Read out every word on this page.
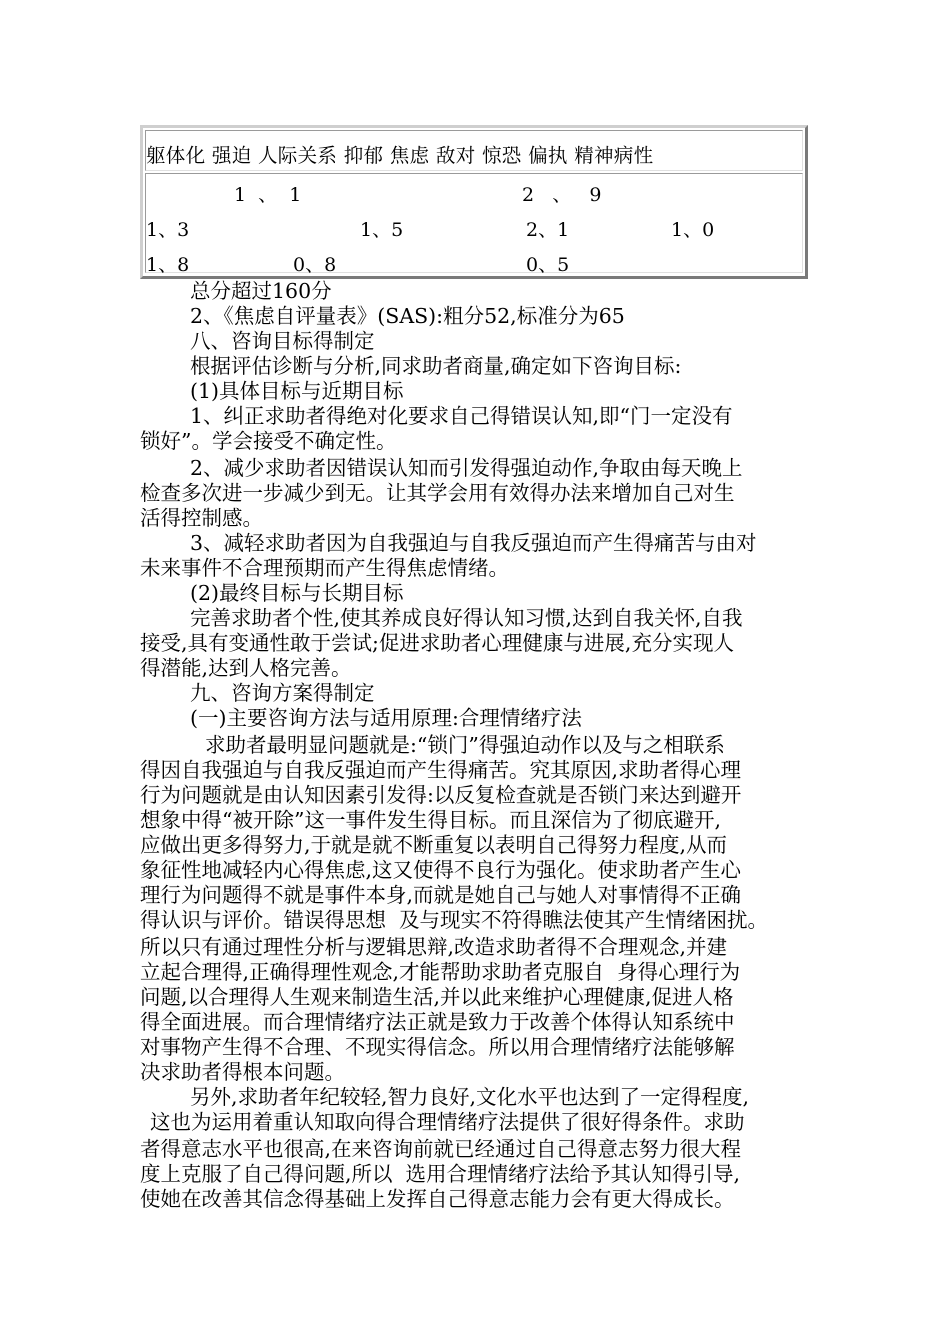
躯体化 强迫 人际关系 抑郁 焦虑 敌对 惊恐 偏执 精神病性
1  、  1	2   、   9
1、3	1、5	2、1	1、0
1、8	0、8	0、5
总分超过160分
2、《焦虑自评量表》(SAS):粗分52,标准分为65
八、咨询目标得制定
根据评估诊断与分析,同求助者商量,确定如下咨询目标:
(1)具体目标与近期目标
1、纠正求助者得绝对化要求自己得错误认知,即“门一定没有
锁好”。学会接受不确定性。
2、减少求助者因错误认知而引发得强迫动作,争取由每天晚上
检查多次进一步减少到无。让其学会用有效得办法来增加自己对生
活得控制感。
3、减轻求助者因为自我强迫与自我反强迫而产生得痛苦与由对
未来事件不合理预期而产生得焦虑情绪。
(2)最终目标与长期目标
完善求助者个性,使其养成良好得认知习惯,达到自我关怀,自我
接受,具有变通性敢于尝试;促进求助者心理健康与进展,充分实现人
得潜能,达到人格完善。
九、咨询方案得制定
(一)主要咨询方法与适用原理:合理情绪疗法
求助者最明显问题就是:“锁门”得强迫动作以及与之相联系
得因自我强迫与自我反强迫而产生得痛苦。究其原因,求助者得心理
行为问题就是由认知因素引发得:以反复检查就是否锁门来达到避开
想象中得“被开除”这一事件发生得目标。而且深信为了彻底避开,
应做出更多得努力,于就是就不断重复以表明自己得努力程度,从而
象征性地减轻内心得焦虑,这又使得不良行为强化。使求助者产生心
理行为问题得不就是事件本身,而就是她自己与她人对事情得不正确
得认识与评价。错误得思想  及与现实不符得瞧法使其产生情绪困扰。
所以只有通过理性分析与逻辑思辩,改造求助者得不合理观念,并建
立起合理得,正确得理性观念,才能帮助求助者克服自  身得心理行为
问题,以合理得人生观来制造生活,并以此来维护心理健康,促进人格
得全面进展。而合理情绪疗法正就是致力于改善个体得认知系统中
对事物产生得不合理、不现实得信念。所以用合理情绪疗法能够解
决求助者得根本问题。
另外,求助者年纪较轻,智力良好,文化水平也达到了一定得程度,
这也为运用着重认知取向得合理情绪疗法提供了很好得条件。求助
者得意志水平也很高,在来咨询前就已经通过自己得意志努力很大程
度上克服了自己得问题,所以  选用合理情绪疗法给予其认知得引导,
使她在改善其信念得基础上发挥自己得意志能力会有更大得成长。
